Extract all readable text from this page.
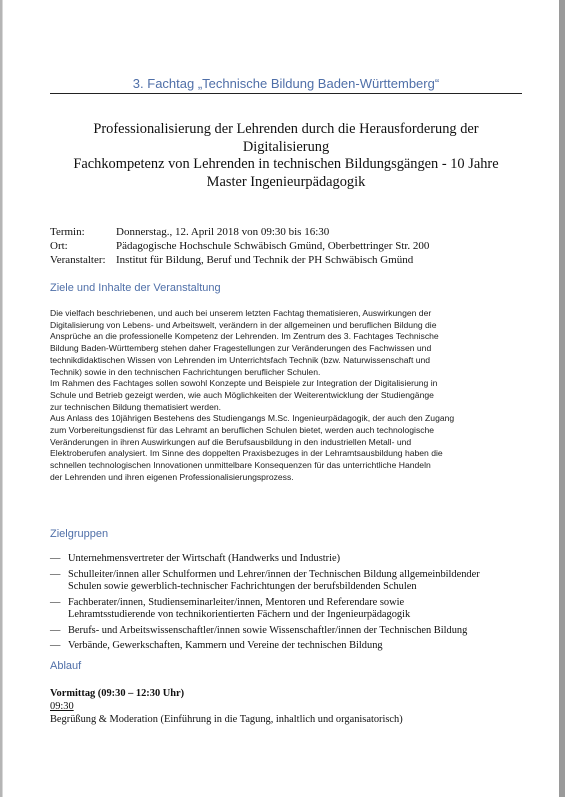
3. Fachtag „Technische Bildung Baden-Württemberg“
Professionalisierung der Lehrenden durch die Herausforderung der
Digitalisierung
Fachkompetenz von Lehrenden in technischen Bildungsgängen - 10 Jahre
Master Ingenieurpädagogik
Termin:	Donnerstag., 12. April 2018 von 09:30 bis 16:30
Ort:	Pädagogische Hochschule Schwäbisch Gmünd, Oberbettringer Str. 200
Veranstalter: Institut für Bildung, Beruf und Technik der PH Schwäbisch Gmünd
Ziele und Inhalte der Veranstaltung
Die vielfach beschriebenen, und auch bei unserem letzten Fachtag thematisieren, Auswirkungen der
Digitalisierung von Lebens- und Arbeitswelt, verändern in der allgemeinen und beruflichen Bildung die
Ansprüche an die professionelle Kompetenz der Lehrenden. Im Zentrum des 3. Fachtages Technische
Bildung Baden-Württemberg stehen daher Fragestellungen zur Veränderungen des Fachwissen und
technikdidaktischen Wissen von Lehrenden im Unterrichtsfach Technik (bzw. Naturwissenschaft und
Technik) sowie in den technischen Fachrichtungen beruflicher Schulen.
Im Rahmen des Fachtages sollen sowohl Konzepte und Beispiele zur Integration der Digitalisierung in
Schule und Betrieb gezeigt werden, wie auch Möglichkeiten der Weiterentwicklung der Studiengänge
zur technischen Bildung thematisiert werden.
Aus Anlass des 10jährigen Bestehens des Studiengangs M.Sc. Ingenieurpädagogik, der auch den Zugang
zum Vorbereitungsdienst für das Lehramt an beruflichen Schulen bietet, werden auch technologische
Veränderungen in ihren Auswirkungen auf die Berufsausbildung in den industriellen Metall- und
Elektroberufen analysiert. Im Sinne des doppelten Praxisbezuges in der Lehramtsausbildung haben die
schnellen technologischen Innovationen unmittelbare Konsequenzen für das unterrichtliche Handeln
der Lehrenden und ihren eigenen Professionalisierungsprozess.
Zielgruppen
— Unternehmensvertreter der Wirtschaft (Handwerks und Industrie)
— Schulleiter/innen aller Schulformen und Lehrer/innen der Technischen Bildung allgemeinbildender
Schulen sowie gewerblich-technischer Fachrichtungen der berufsbildenden Schulen
— Fachberater/innen, Studienseminarleiter/innen, Mentoren und Referendare sowie
Lehramtsstudierende von technikorientierten Fächern und der Ingenieurpädagogik
— Berufs- und Arbeitswissenschaftler/innen sowie Wissenschaftler/innen der Technischen Bildung
— Verbände, Gewerkschaften, Kammern und Vereine der technischen Bildung
Ablauf
Vormittag (09:30 – 12:30 Uhr)
09:30
Begrüßung & Moderation (Einführung in die Tagung, inhaltlich und organisatorisch)
